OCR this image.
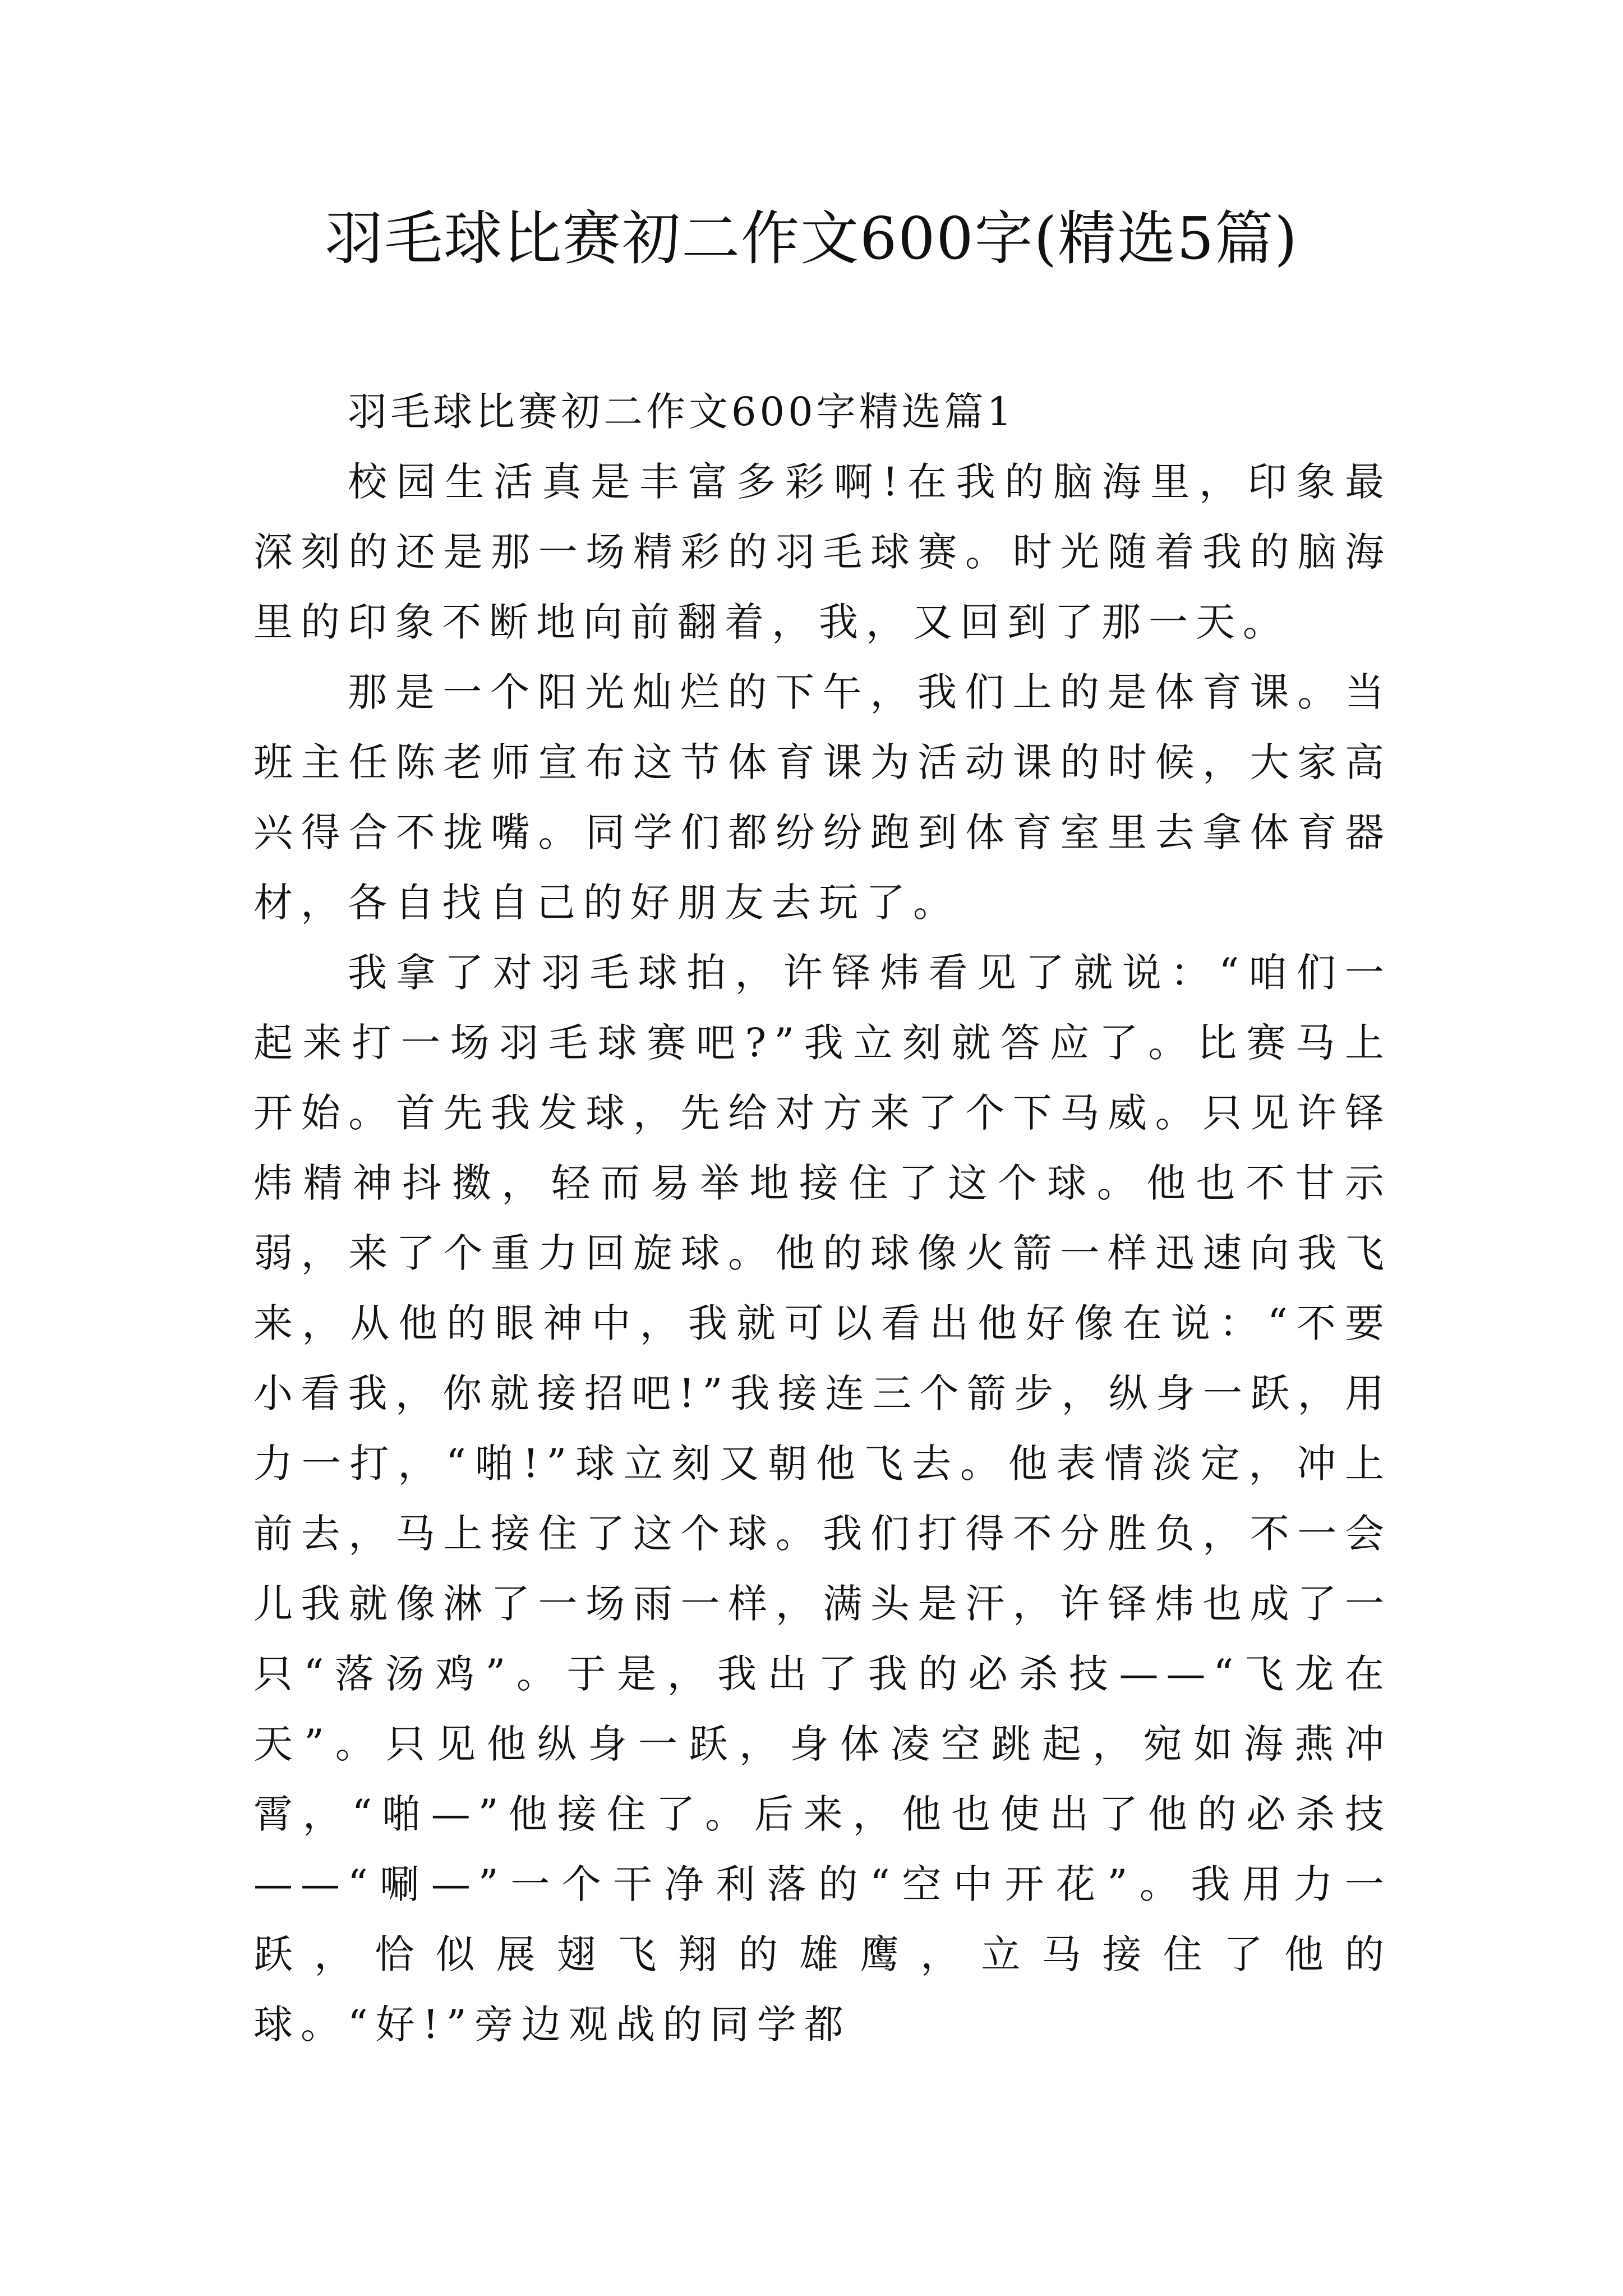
羽毛球比赛初二作文600字(精选5篇)

羽毛球比赛初二作文600字精选篇1

校园生活真是丰富多彩啊!在我的脑海里，印象最深刻的还是那一场精彩的羽毛球赛。时光随着我的脑海里的印象不断地向前翻着，我，又回到了那一天。

那是一个阳光灿烂的下午，我们上的是体育课。当班主任陈老师宣布这节体育课为活动课的时候，大家高兴得合不拢嘴。同学们都纷纷跑到体育室里去拿体育器材，各自找自己的好朋友去玩了。

我拿了对羽毛球拍，许铎炜看见了就说：“咱们一起来打一场羽毛球赛吧?”我立刻就答应了。比赛马上开始。首先我发球，先给对方来了个下马威。只见许铎炜精神抖擞，轻而易举地接住了这个球。他也不甘示弱，来了个重力回旋球。他的球像火箭一样迅速向我飞来，从他的眼神中，我就可以看出他好像在说：“不要小看我，你就接招吧!”我接连三个箭步，纵身一跃，用力一打，“啪!”球立刻又朝他飞去。他表情淡定，冲上前去，马上接住了这个球。我们打得不分胜负，不一会儿我就像淋了一场雨一样，满头是汗，许铎炜也成了一只“落汤鸡”。于是，我出了我的必杀技——“飞龙在天”。只见他纵身一跃，身体凌空跳起，宛如海燕冲霄，“啪—”他接住了。后来，他也使出了他的必杀技——“唰—”一个干净利落的“空中开花”。我用力一跃，恰似展翅飞翔的雄鹰，立马接住了他的球。“好!”旁边观战的同学都
